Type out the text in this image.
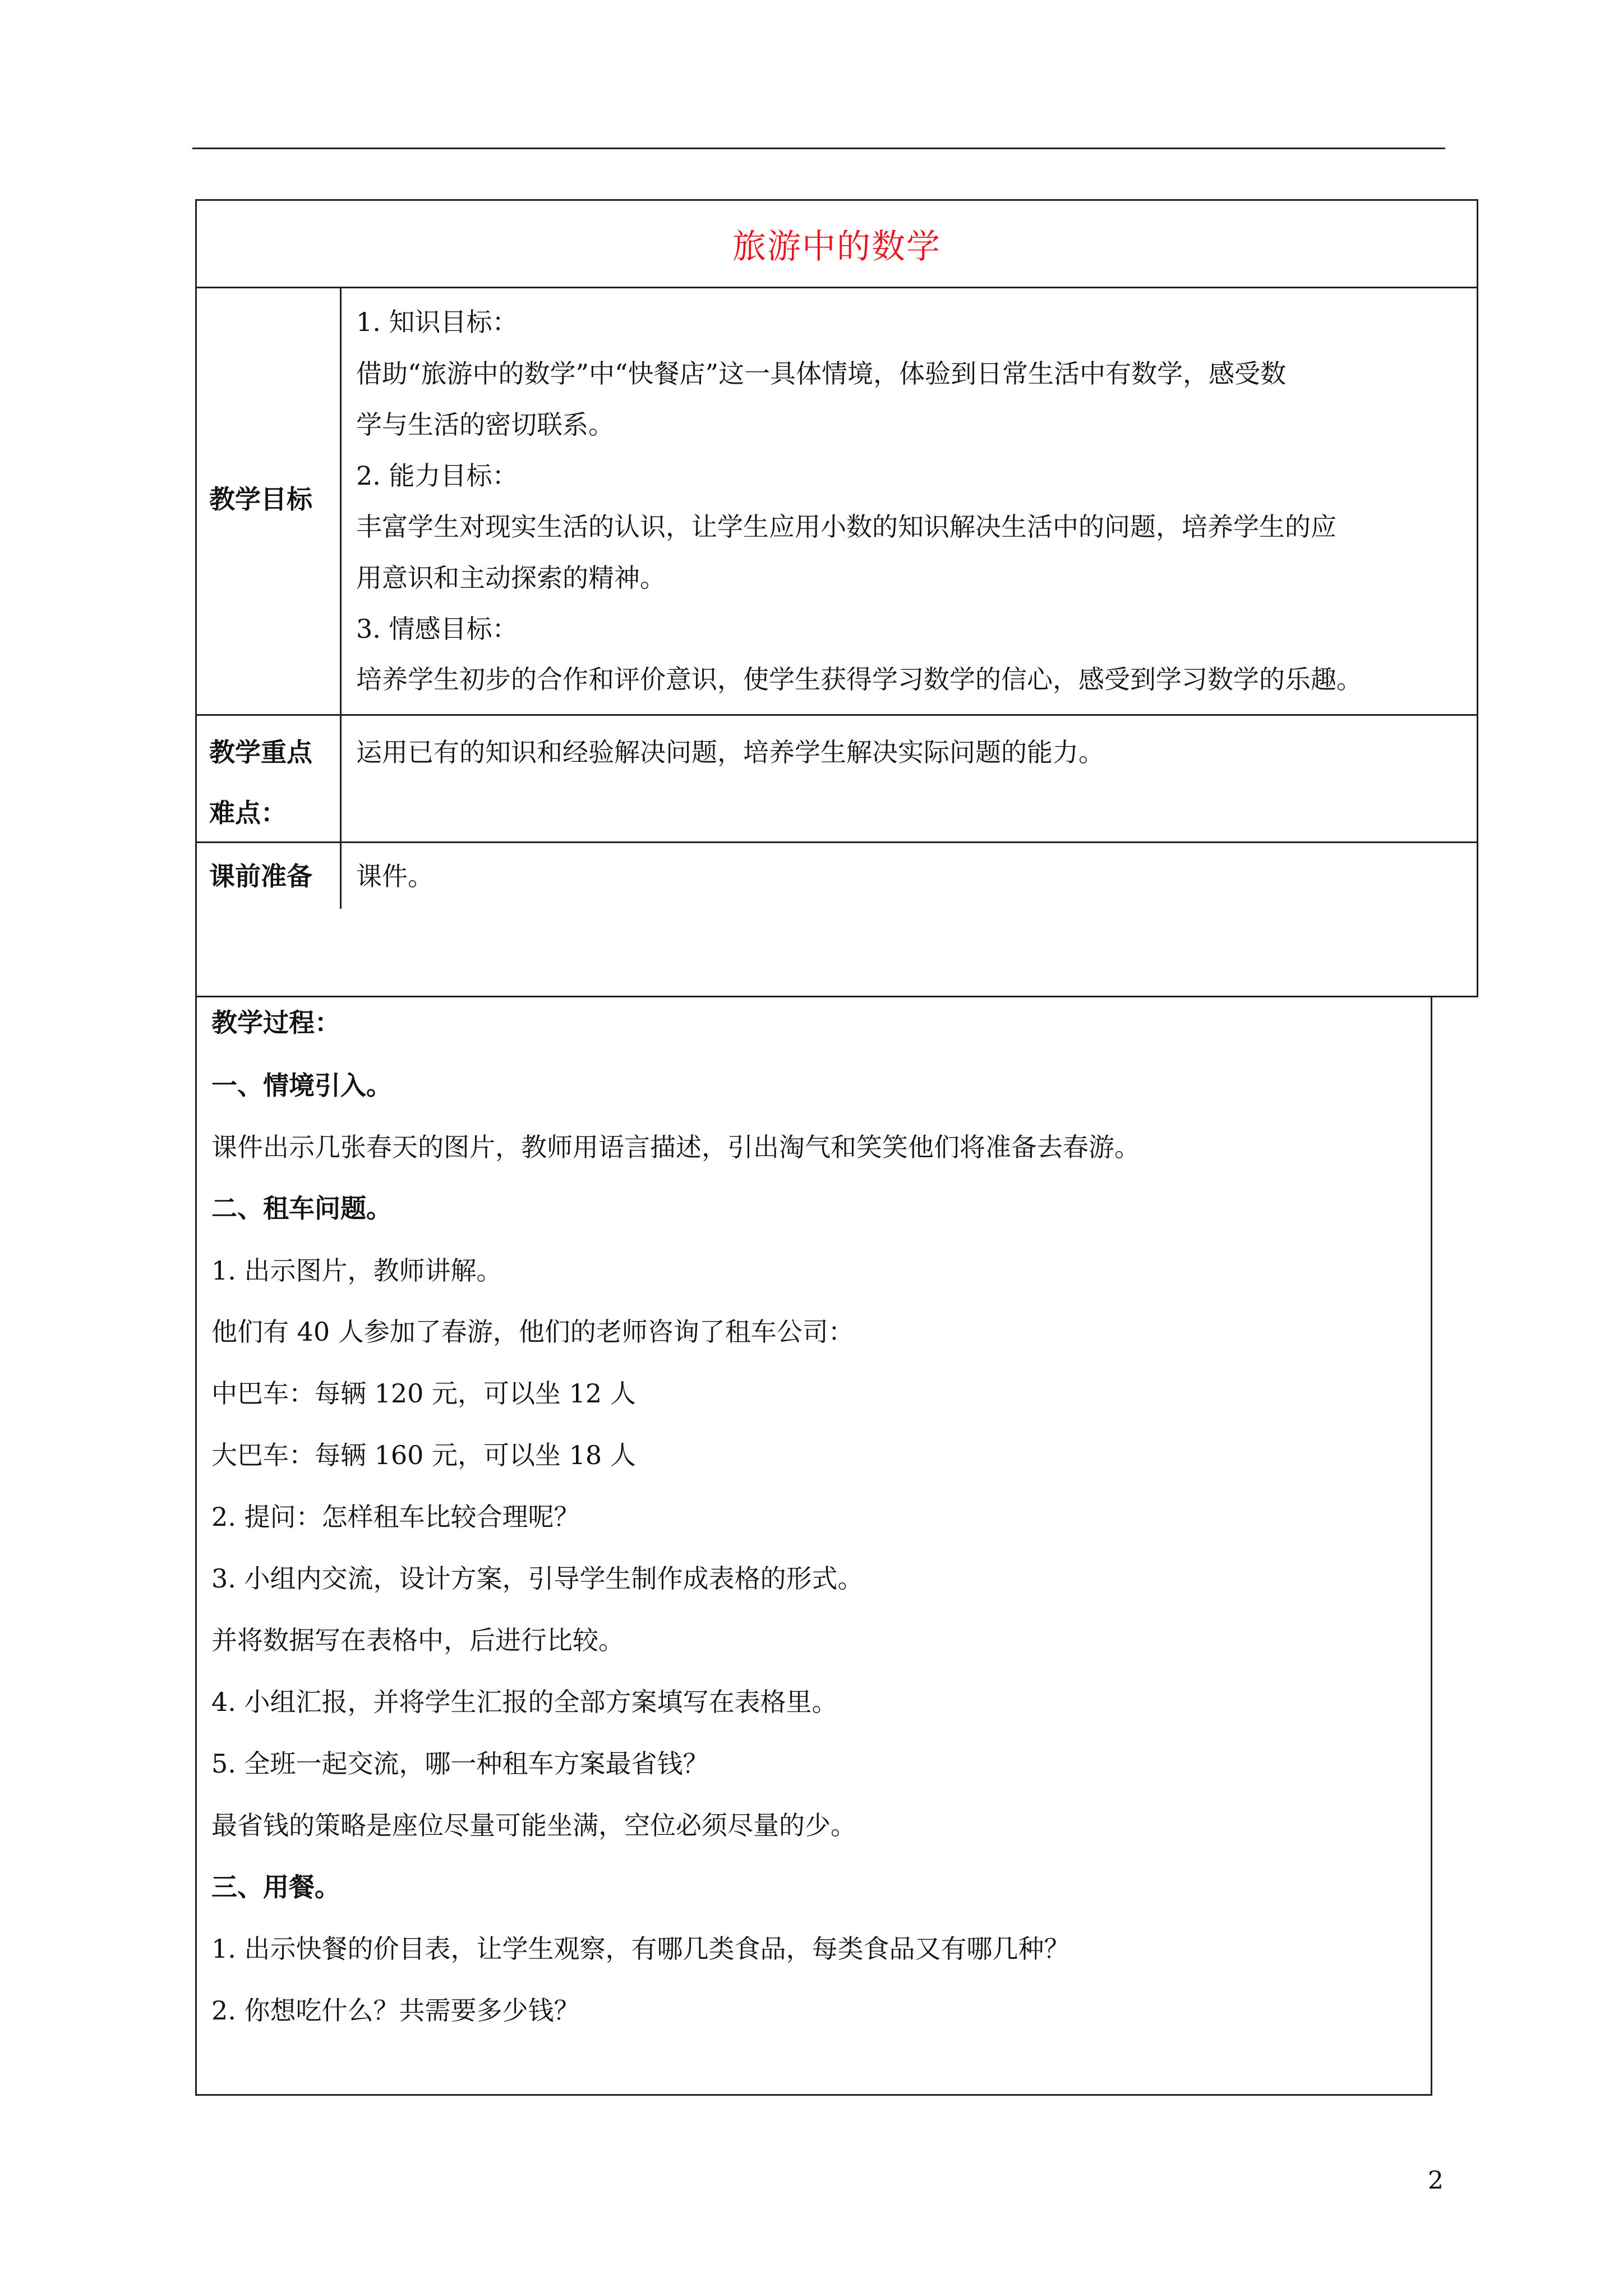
旅游中的数学
教学目标
1. 知识目标：
借助“旅游中的数学”中“快餐店”这一具体情境，体验到日常生活中有数学，感受数
学与生活的密切联系。
2. 能力目标：
丰富学生对现实生活的认识，让学生应用小数的知识解决生活中的问题，培养学生的应
用意识和主动探索的精神。
3. 情感目标：
培养学生初步的合作和评价意识，使学生获得学习数学的信心，感受到学习数学的乐趣。
教学重点
难点：
运用已有的知识和经验解决问题，培养学生解决实际问题的能力。
课前准备 课件。
教学过程：
一、情境引入。
课件出示几张春天的图片，教师用语言描述，引出淘气和笑笑他们将准备去春游。
二、租车问题。
1. 出示图片，教师讲解。
他们有 40 人参加了春游，他们的老师咨询了租车公司：
中巴车：每辆 120 元，可以坐 12 人
大巴车：每辆 160 元，可以坐 18 人
2. 提问：怎样租车比较合理呢？
3. 小组内交流，设计方案，引导学生制作成表格的形式。
并将数据写在表格中，后进行比较。
4. 小组汇报，并将学生汇报的全部方案填写在表格里。
5. 全班一起交流，哪一种租车方案最省钱？
最省钱的策略是座位尽量可能坐满，空位必须尽量的少。
三、用餐。
1. 出示快餐的价目表，让学生观察，有哪几类食品，每类食品又有哪几种？
2. 你想吃什么？共需要多少钱？
2
